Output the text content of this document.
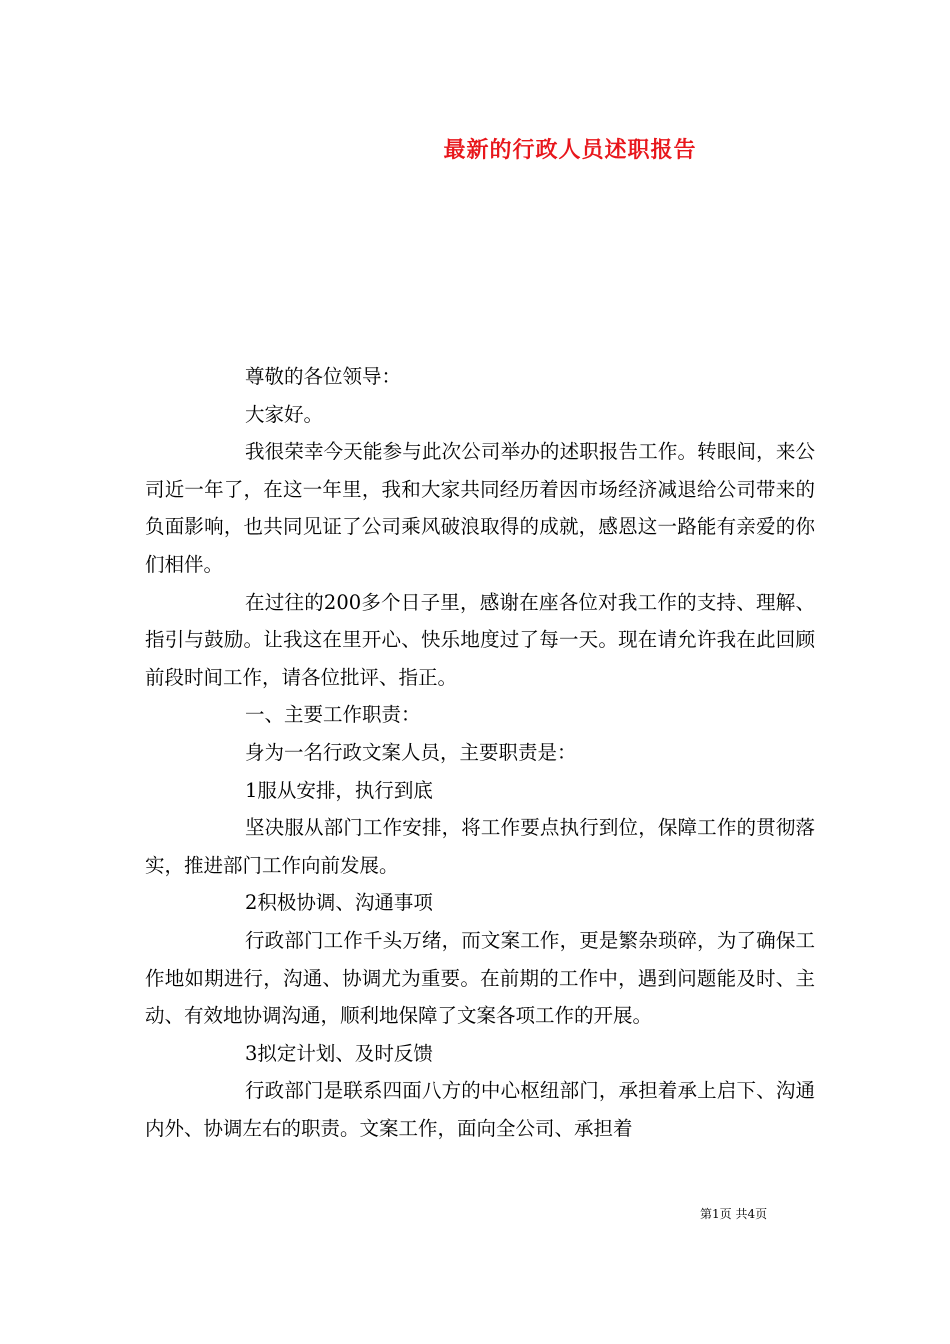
最新的行政人员述职报告

尊敬的各位领导：

大家好。

我很荣幸今天能参与此次公司举办的述职报告工作。转眼间，来公司近一年了，在这一年里，我和大家共同经历着因市场经济减退给公司带来的负面影响，也共同见证了公司乘风破浪取得的成就，感恩这一路能有亲爱的你们相伴。

在过往的200多个日子里，感谢在座各位对我工作的支持、理解、指引与鼓励。让我这在里开心、快乐地度过了每一天。现在请允许我在此回顾前段时间工作，请各位批评、指正。

一、主要工作职责：

身为一名行政文案人员，主要职责是：

1服从安排，执行到底

坚决服从部门工作安排，将工作要点执行到位，保障工作的贯彻落实，推进部门工作向前发展。

2积极协调、沟通事项

行政部门工作千头万绪，而文案工作，更是繁杂琐碎，为了确保工作地如期进行，沟通、协调尤为重要。在前期的工作中，遇到问题能及时、主动、有效地协调沟通，顺利地保障了文案各项工作的开展。

3拟定计划、及时反馈

行政部门是联系四面八方的中心枢纽部门，承担着承上启下、沟通内外、协调左右的职责。文案工作，面向全公司、承担着

第1页 共4页
